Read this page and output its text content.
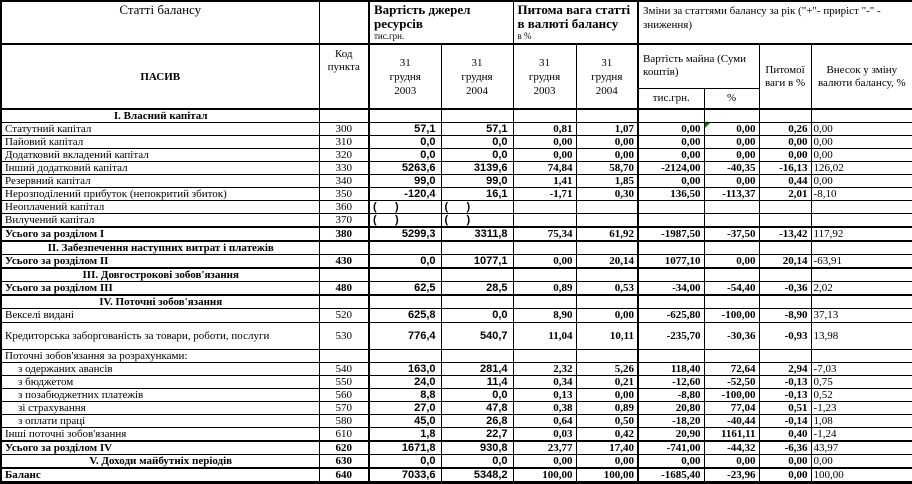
Статті балансу		Вартість джерел ресурсів
тис.грн.

Питома вага статті в валюті балансу
в %
	Зміни за статтями балансу за рік ("+"- приріст "-" - зниження)
ПАСИВ	Код пункта	31
грудня
2003	31
грудня
2004	31
грудня
2003	31
грудня
2004	Вартість майна (Суми коштів)		Питомої ваги в %	Внесок у зміну валюти балансу, %
						тис.грн.	%		
I. Власний капітал									
Статутний капітал	300	57,1	57,1	0,81	1,07	0,00	0,00	0,26	0,00
Пайовий капітал	310	0,0	0,0	0,00	0,00	0,00	0,00	0,00	0,00
Додатковий вкладений капітал	320	0,0	0,0	0,00	0,00	0,00	0,00	0,00	0,00
Інший додатковий капітал	330	5263,6	3139,6	74,84	58,70	-2124,00	-40,35	-16,13	126,02
Резервний капітал	340	99,0	99,0	1,41	1,85	0,00	0,00	0,44	0,00
Нерозподілений прибуток (непокритий збиток)	350	-120,4	16,1	-1,71	0,30	136,50	-113,37	2,01	-8,10
Неоплачений капітал	360	(      )	(      )						
Вилучений капітал	370	(      )	(      )						
Усього за розділом I	380	5299,3	3311,8	75,34	61,92	-1987,50	-37,50	-13,42	117,92
II. Забезпечення наступних витрат і платежів									
Усього за розділом II	430	0,0	1077,1	0,00	20,14	1077,10	0,00	20,14	-63,91
III. Довгострокові зобов'язання									
Усього за розділом III	480	62,5	28,5	0,89	0,53	-34,00	-54,40	-0,36	2,02
IV. Поточні зобов'язання									
Векселі видані	520	625,8	0,0	8,90	0,00	-625,80	-100,00	-8,90	37,13
Кредиторська заборгованість за товари, роботи, послуги	530	776,4	540,7	11,04	10,11	-235,70	-30,36	-0,93	13,98
Поточні зобов'язання за розрахунками:									
з одержаних авансів	540	163,0	281,4	2,32	5,26	118,40	72,64	2,94	-7,03
з бюджетом	550	24,0	11,4	0,34	0,21	-12,60	-52,50	-0,13	0,75
з позабюджетних платежів	560	8,8	0,0	0,13	0,00	-8,80	-100,00	-0,13	0,52
зі страхування	570	27,0	47,8	0,38	0,89	20,80	77,04	0,51	-1,23
з оплати праці	580	45,0	26,8	0,64	0,50	-18,20	-40,44	-0,14	1,08
Інші поточні зобов'язання	610	1,8	22,7	0,03	0,42	20,90	1161,11	0,40	-1,24
Усього за розділом IV	620	1671,8	930,8	23,77	17,40	-741,00	-44,32	-6,36	43,97
V. Доходи майбутніх періодів	630	0,0	0,0	0,00	0,00	0,00	0,00	0,00	0,00
Баланс	640	7033,6	5348,2	100,00	100,00	-1685,40	-23,96	0,00	100,00
